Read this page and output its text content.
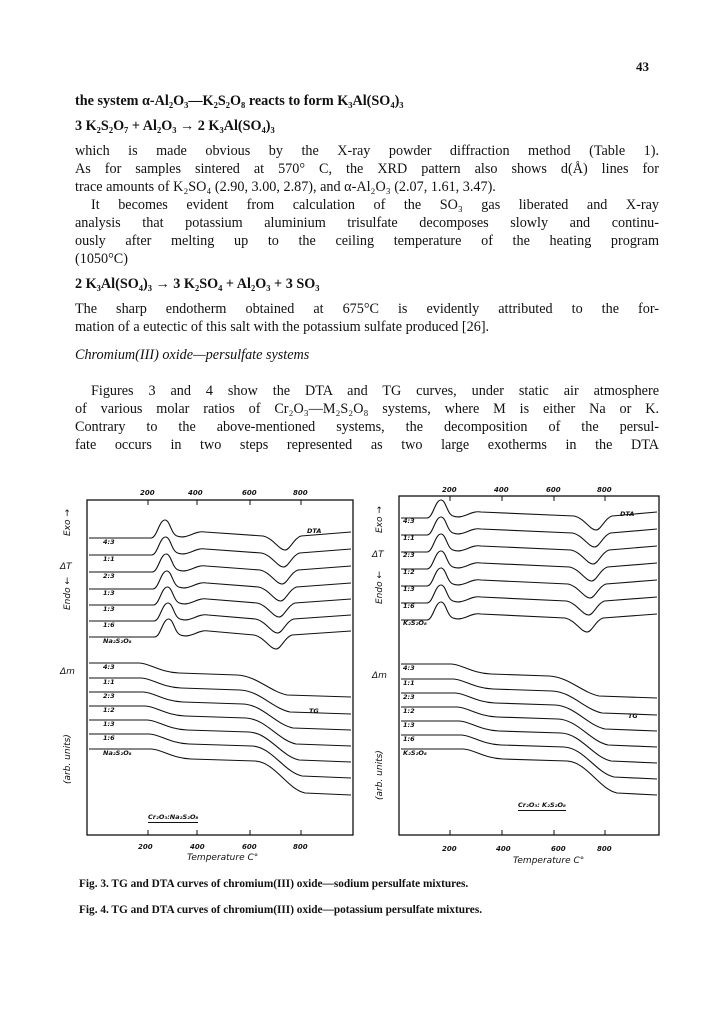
43
the system α-Al₂O₃—K₂S₂O₈ reacts to form K₃Al(SO₄)₃
3 K₂S₂O₇ + Al₂O₃ → 2 K₃Al(SO₄)₃
which is made obvious by the X-ray powder diffraction method (Table 1).
As for samples sintered at 570° C, the XRD pattern also shows d(Å) lines for
trace amounts of K₂SO₄ (2.90, 3.00, 2.87), and α-Al₂O₃ (2.07, 1.61, 3.47).
It becomes evident from calculation of the SO₃ gas liberated and X-ray
analysis that potassium aluminium trisulfate decomposes slowly and continu-
ously after melting up to the ceiling temperature of the heating program
(1050°C)
2 K₃Al(SO₄)₃ → 3 K₂SO₄ + Al₂O₃ + 3 SO₃
The sharp endotherm obtained at 675°C is evidently attributed to the for-
mation of a eutectic of this salt with the potassium sulfate produced [26].
Chromium(III) oxide—persulfate systems
Figures 3 and 4 show the DTA and TG curves, under static air atmosphere
of various molar ratios of Cr₂O₃—M₂S₂O₈ systems, where M is either Na or K.
Contrary to the above-mentioned systems, the decomposition of the persul-
fate occurs in two steps represented as two large exotherms in the DTA
200	400	600	800
DTA
TG
ΔT
Δm
Exo →
Endo ←
(arb. units)
4:3
1:1
2:3
1:3
1:3
1:6
Na₂S₂O₈
4:3
1:1
2:3
1:2
1:3
1:6
Na₂S₂O₈
Cr₂O₃:Na₂S₂O₈
200	400	600	800
Temperature C°
200	400	600	800
DTA
TG
ΔT
Δm
Exo →
Endo ←
(arb. units)
4:3
1:1
2:3
1:2
1:3
1:6
K₂S₂O₈
4:3
1:1
2:3
1:2
1:3
1:6
K₂S₂O₈
Cr₂O₃: K₂S₂O₈
200	400	600	800
Temperature C°
Fig. 3. TG and DTA curves of chromium(III) oxide—sodium persulfate mixtures.
Fig. 4. TG and DTA curves of chromium(III) oxide—potassium persulfate mixtures.
